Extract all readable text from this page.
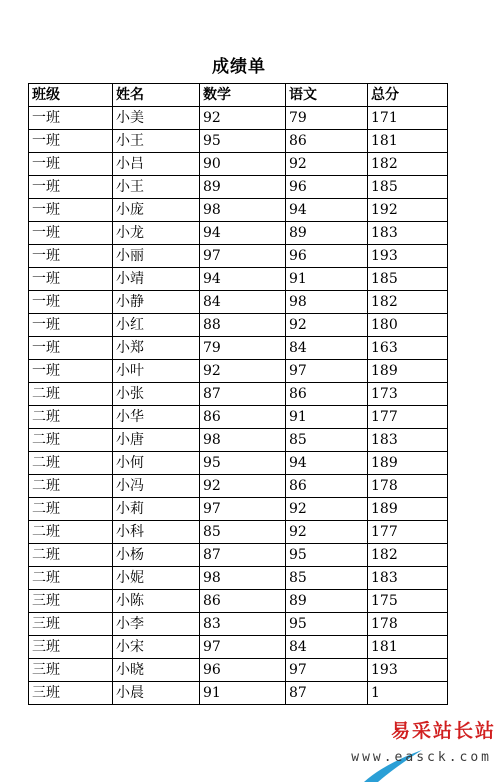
成绩单
班级	姓名	数学	语文	总分
一班	小美	92	79	171
一班	小王	95	86	181
一班	小吕	90	92	182
一班	小王	89	96	185
一班	小庞	98	94	192
一班	小龙	94	89	183
一班	小丽	97	96	193
一班	小靖	94	91	185
一班	小静	84	98	182
一班	小红	88	92	180
一班	小郑	79	84	163
一班	小叶	92	97	189
二班	小张	87	86	173
二班	小华	86	91	177
二班	小唐	98	85	183
二班	小何	95	94	189
二班	小冯	92	86	178
二班	小莉	97	92	189
二班	小科	85	92	177
二班	小杨	87	95	182
二班	小妮	98	85	183
三班	小陈	86	89	175
三班	小李	83	95	178
三班	小宋	97	84	181
三班	小晓	96	97	193
三班	小晨	91	87	1
易采站长站
www.easck.com
